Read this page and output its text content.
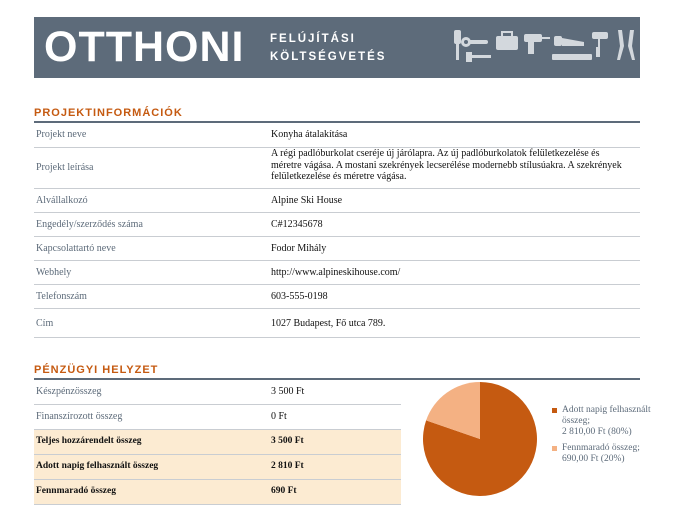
OTTHONI FELÚJÍTÁSI
KÖLTSÉGVETÉS
PROJEKTINFORMÁCIÓK
Projekt neve	Konyha átalakítása
Projekt leírása
A régi padlóburkolat cseréje új járólapra. Az új padlóburkolatok felületkezelése és méretre vágása. A mostani szekrények lecserélése modernebb stílusúakra. A szekrények felületkezelése és méretre vágása.
Alvállalkozó	Alpine Ski House
Engedély/szerződés száma	C#12345678
Kapcsolattartó neve	Fodor Mihály
Webhely	http://www.alpineskihouse.com/
Telefonszám	603-555-0198
Cím	1027 Budapest, Fő utca 789.
PÉNZÜGYI HELYZET
Készpénzösszeg	3 500 Ft
Finanszírozott összeg	0 Ft
Teljes hozzárendelt összeg	3 500 Ft
Adott napig felhasznált összeg	2 810 Ft
Fennmaradó összeg	690 Ft
Adott napig felhasznált összeg;
2 810,00 Ft (80%)
Fennmaradó összeg;
690,00 Ft (20%)
